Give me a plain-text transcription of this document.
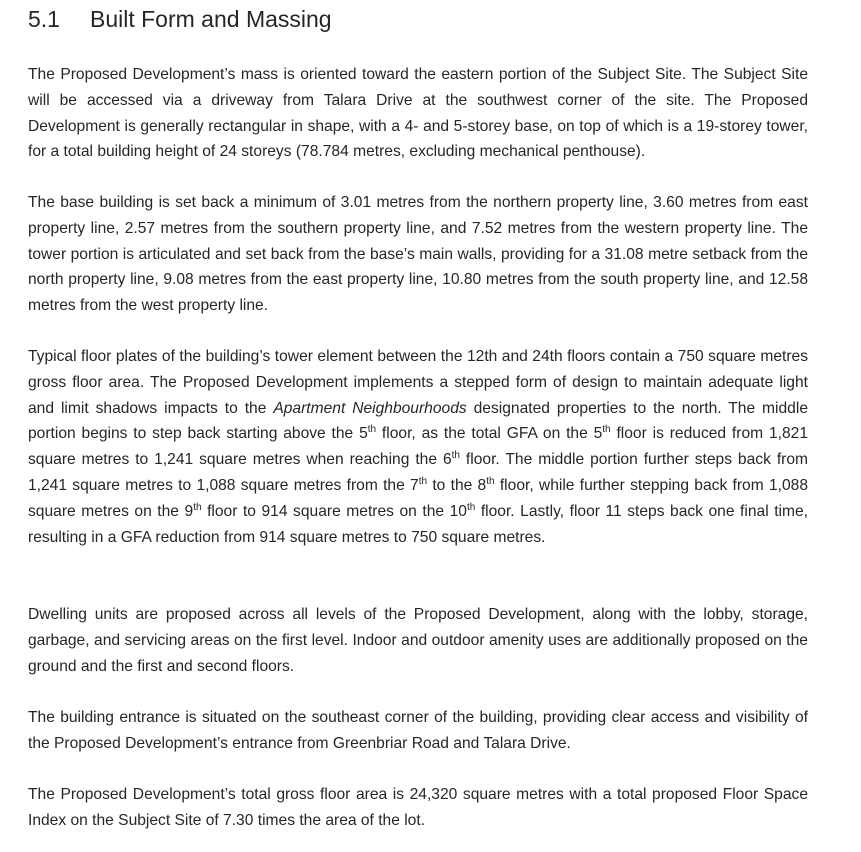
5.1 Built Form and Massing

The Proposed Development’s mass is oriented toward the eastern portion of the Subject Site. The Subject Site will be accessed via a driveway from Talara Drive at the southwest corner of the site. The Proposed Development is generally rectangular in shape, with a 4- and 5-storey base, on top of which is a 19-storey tower, for a total building height of 24 storeys (78.784 metres, excluding mechanical penthouse).

The base building is set back a minimum of 3.01 metres from the northern property line, 3.60 metres from east property line, 2.57 metres from the southern property line, and 7.52 metres from the western property line. The tower portion is articulated and set back from the base’s main walls, providing for a 31.08 metre setback from the north property line, 9.08 metres from the east property line, 10.80 metres from the south property line, and 12.58 metres from the west property line.

Typical floor plates of the building’s tower element between the 12th and 24th floors contain a 750 square metres gross floor area. The Proposed Development implements a stepped form of design to maintain adequate light and limit shadows impacts to the Apartment Neighbourhoods designated properties to the north. The middle portion begins to step back starting above the 5th floor, as the total GFA on the 5th floor is reduced from 1,821 square metres to 1,241 square metres when reaching the 6th floor. The middle portion further steps back from 1,241 square metres to 1,088 square metres from the 7th to the 8th floor, while further stepping back from 1,088 square metres on the 9th floor to 914 square metres on the 10th floor. Lastly, floor 11 steps back one final time, resulting in a GFA reduction from 914 square metres to 750 square metres.

Dwelling units are proposed across all levels of the Proposed Development, along with the lobby, storage, garbage, and servicing areas on the first level. Indoor and outdoor amenity uses are additionally proposed on the ground and the first and second floors.

The building entrance is situated on the southeast corner of the building, providing clear access and visibility of the Proposed Development’s entrance from Greenbriar Road and Talara Drive.

The Proposed Development’s total gross floor area is 24,320 square metres with a total proposed Floor Space Index on the Subject Site of 7.30 times the area of the lot.
